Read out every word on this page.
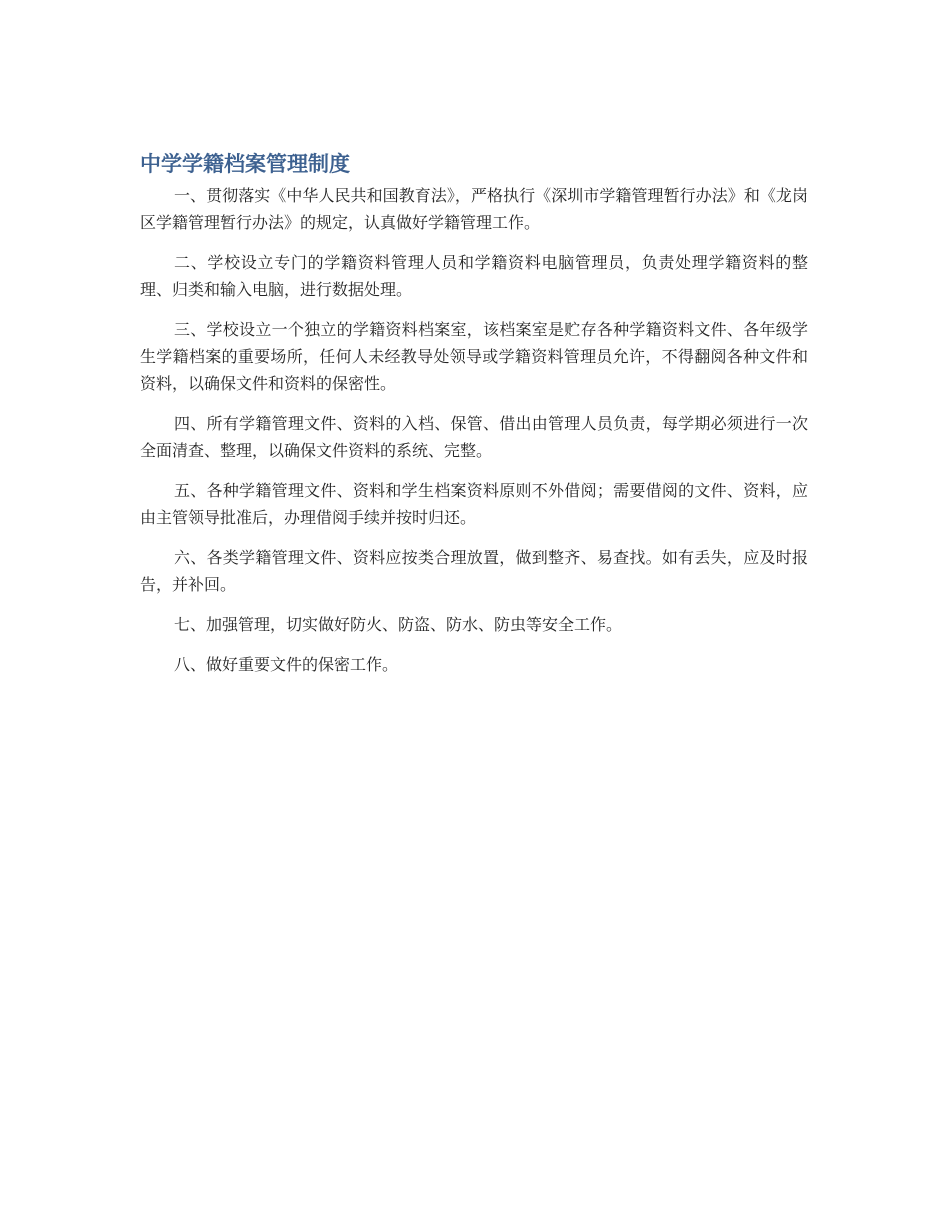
中学学籍档案管理制度

一、贯彻落实《中华人民共和国教育法》，严格执行《深圳市学籍管理暂行办法》和《龙岗区学籍管理暂行办法》的规定，认真做好学籍管理工作。

二、学校设立专门的学籍资料管理人员和学籍资料电脑管理员，负责处理学籍资料的整理、归类和输入电脑，进行数据处理。

三、学校设立一个独立的学籍资料档案室，该档案室是贮存各种学籍资料文件、各年级学生学籍档案的重要场所，任何人未经教导处领导或学籍资料管理员允许，不得翻阅各种文件和资料，以确保文件和资料的保密性。

四、所有学籍管理文件、资料的入档、保管、借出由管理人员负责，每学期必须进行一次全面清查、整理，以确保文件资料的系统、完整。

五、各种学籍管理文件、资料和学生档案资料原则不外借阅；需要借阅的文件、资料，应由主管领导批准后，办理借阅手续并按时归还。

六、各类学籍管理文件、资料应按类合理放置，做到整齐、易查找。如有丢失，应及时报告，并补回。

七、加强管理，切实做好防火、防盗、防水、防虫等安全工作。

八、做好重要文件的保密工作。
